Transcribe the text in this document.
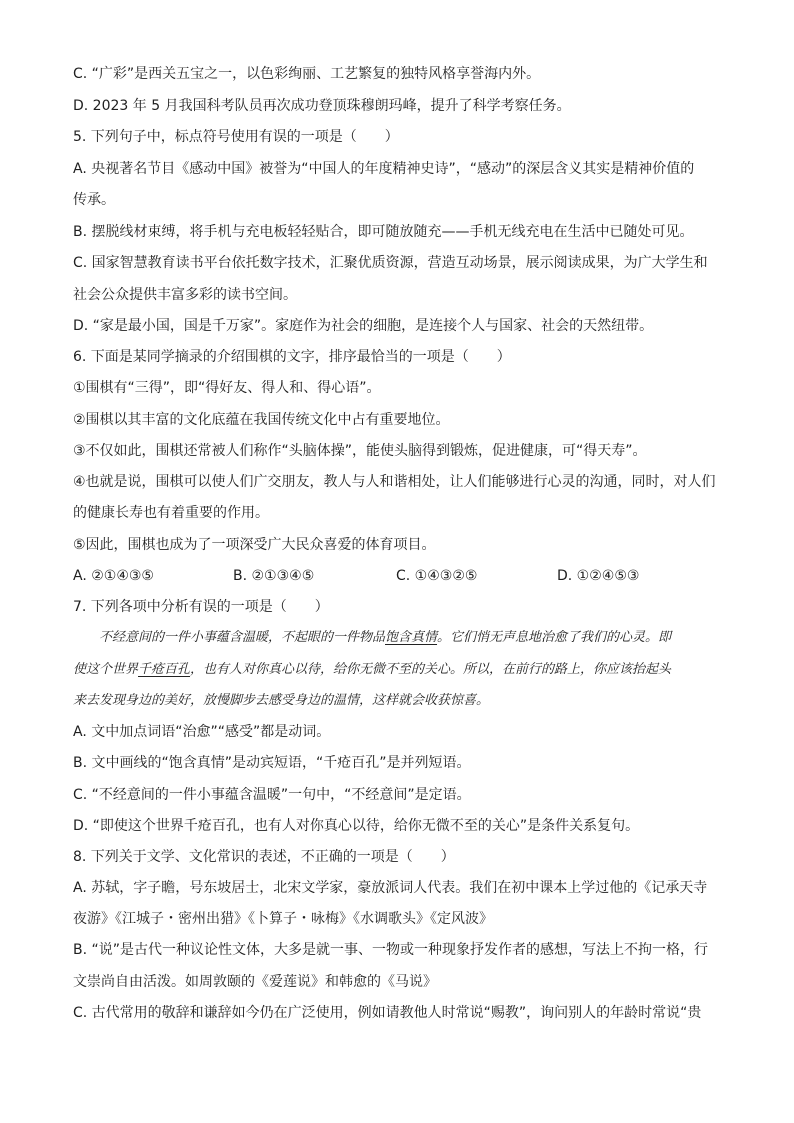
C. “广彩”是西关五宝之一，以色彩绚丽、工艺繁复的独特风格享誉海内外。
D. 2023 年 5 月我国科考队员再次成功登顶珠穆朗玛峰，提升了科学考察任务。
5. 下列句子中，标点符号使用有误的一项是（　　）
A. 央视著名节目《感动中国》被誉为“中国人的年度精神史诗”，“感动”的深层含义其实是精神价值的
传承。
B. 摆脱线材束缚，将手机与充电板轻轻贴合，即可随放随充——手机无线充电在生活中已随处可见。
C. 国家智慧教育读书平台依托数字技术，汇聚优质资源，营造互动场景，展示阅读成果，为广大学生和
社会公众提供丰富多彩的读书空间。
D. “家是最小国，国是千万家”。家庭作为社会的细胞，是连接个人与国家、社会的天然纽带。
6. 下面是某同学摘录的介绍围棋的文字，排序最恰当的一项是（　　）
①围棋有“三得”，即“得好友、得人和、得心语”。
②围棋以其丰富的文化底蕴在我国传统文化中占有重要地位。
③不仅如此，围棋还常被人们称作“头脑体操”，能使头脑得到锻炼，促进健康，可“得天寿”。
④也就是说，围棋可以使人们广交朋友，教人与人和谐相处，让人们能够进行心灵的沟通，同时，对人们
的健康长寿也有着重要的作用。
⑤因此，围棋也成为了一项深受广大民众喜爱的体育项目。
A. ②①④③⑤	B. ②①③④⑤	C. ①④③②⑤	D. ①②④⑤③
7. 下列各项中分析有误的一项是（　　）
不经意间的一件小事蕴含温暖，不起眼的一件物品饱含真情。它们悄无声息地治愈了我们的心灵。即
使这个世界千疮百孔，也有人对你真心以待，给你无微不至的关心。所以，在前行的路上，你应该抬起头
来去发现身边的美好，放慢脚步去感受身边的温情，这样就会收获惊喜。
A. 文中加点词语“治愈”“感受”都是动词。
B. 文中画线的“饱含真情”是动宾短语，“千疮百孔”是并列短语。
C. “不经意间的一件小事蕴含温暖”一句中，“不经意间”是定语。
D. “即使这个世界千疮百孔，也有人对你真心以待，给你无微不至的关心”是条件关系复句。
8. 下列关于文学、文化常识的表述，不正确的一项是（　　）
A. 苏轼，字子瞻，号东坡居士，北宋文学家，豪放派词人代表。我们在初中课本上学过他的《记承天寺
夜游》《江城子・密州出猎》《卜算子・咏梅》《水调歌头》《定风波》
B. “说”是古代一种议论性文体，大多是就一事、一物或一种现象抒发作者的感想，写法上不拘一格，行
文崇尚自由活泼。如周敦颐的《爱莲说》和韩愈的《马说》
C. 古代常用的敬辞和谦辞如今仍在广泛使用，例如请教他人时常说“赐教”，询问别人的年龄时常说“贵
